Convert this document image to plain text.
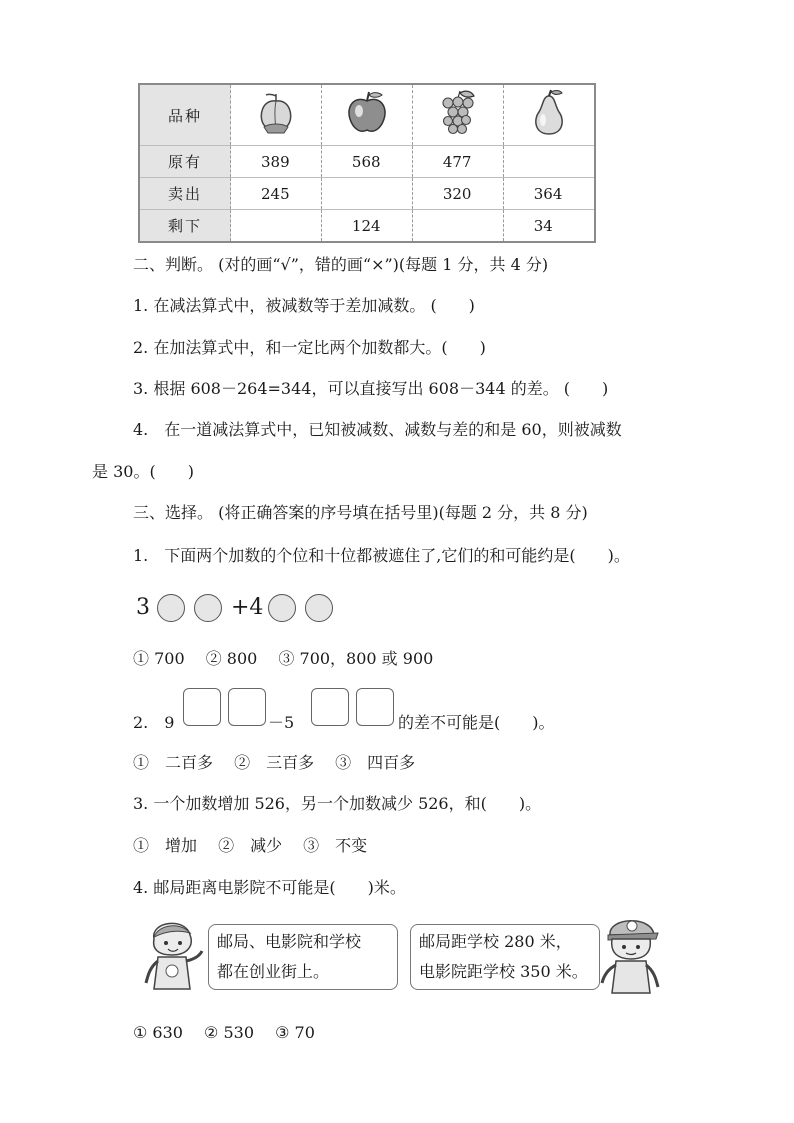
品种				
原有	389	568	477	
卖出	245		320	364
剩下		124		34
二、判断。 (对的画“√”，错的画“×”)(每题 1 分，共 4 分)
1. 在减法算式中，被减数等于差加减数。 (　　)
2. 在加法算式中，和一定比两个加数都大。(　　)
3. 根据 608－264=344，可以直接写出 608－344 的差。 (　　)
4.　在一道减法算式中，已知被减数、减数与差的和是 60，则被减数
是 30。(　　)
三、选择。 (将正确答案的序号填在括号里)(每题 2 分，共 8 分)
1.　下面两个加数的个位和十位都被遮住了,它们的和可能约是(　　)。
3	+4
① 700　 ② 800　 ③ 700，800 或 900
2.　9	－5	的差不可能是(　　)。
①　二百多　 ②　三百多　 ③　四百多
3. 一个加数增加 526，另一个加数减少 526，和(　　)。
①　增加　 ②　减少　 ③　不变
4. 邮局距离电影院不可能是(　　)米。
邮局、电影院和学校
都在创业街上。
邮局距学校 280 米，
电影院距学校 350 米。
① 630　 ② 530　 ③ 70
